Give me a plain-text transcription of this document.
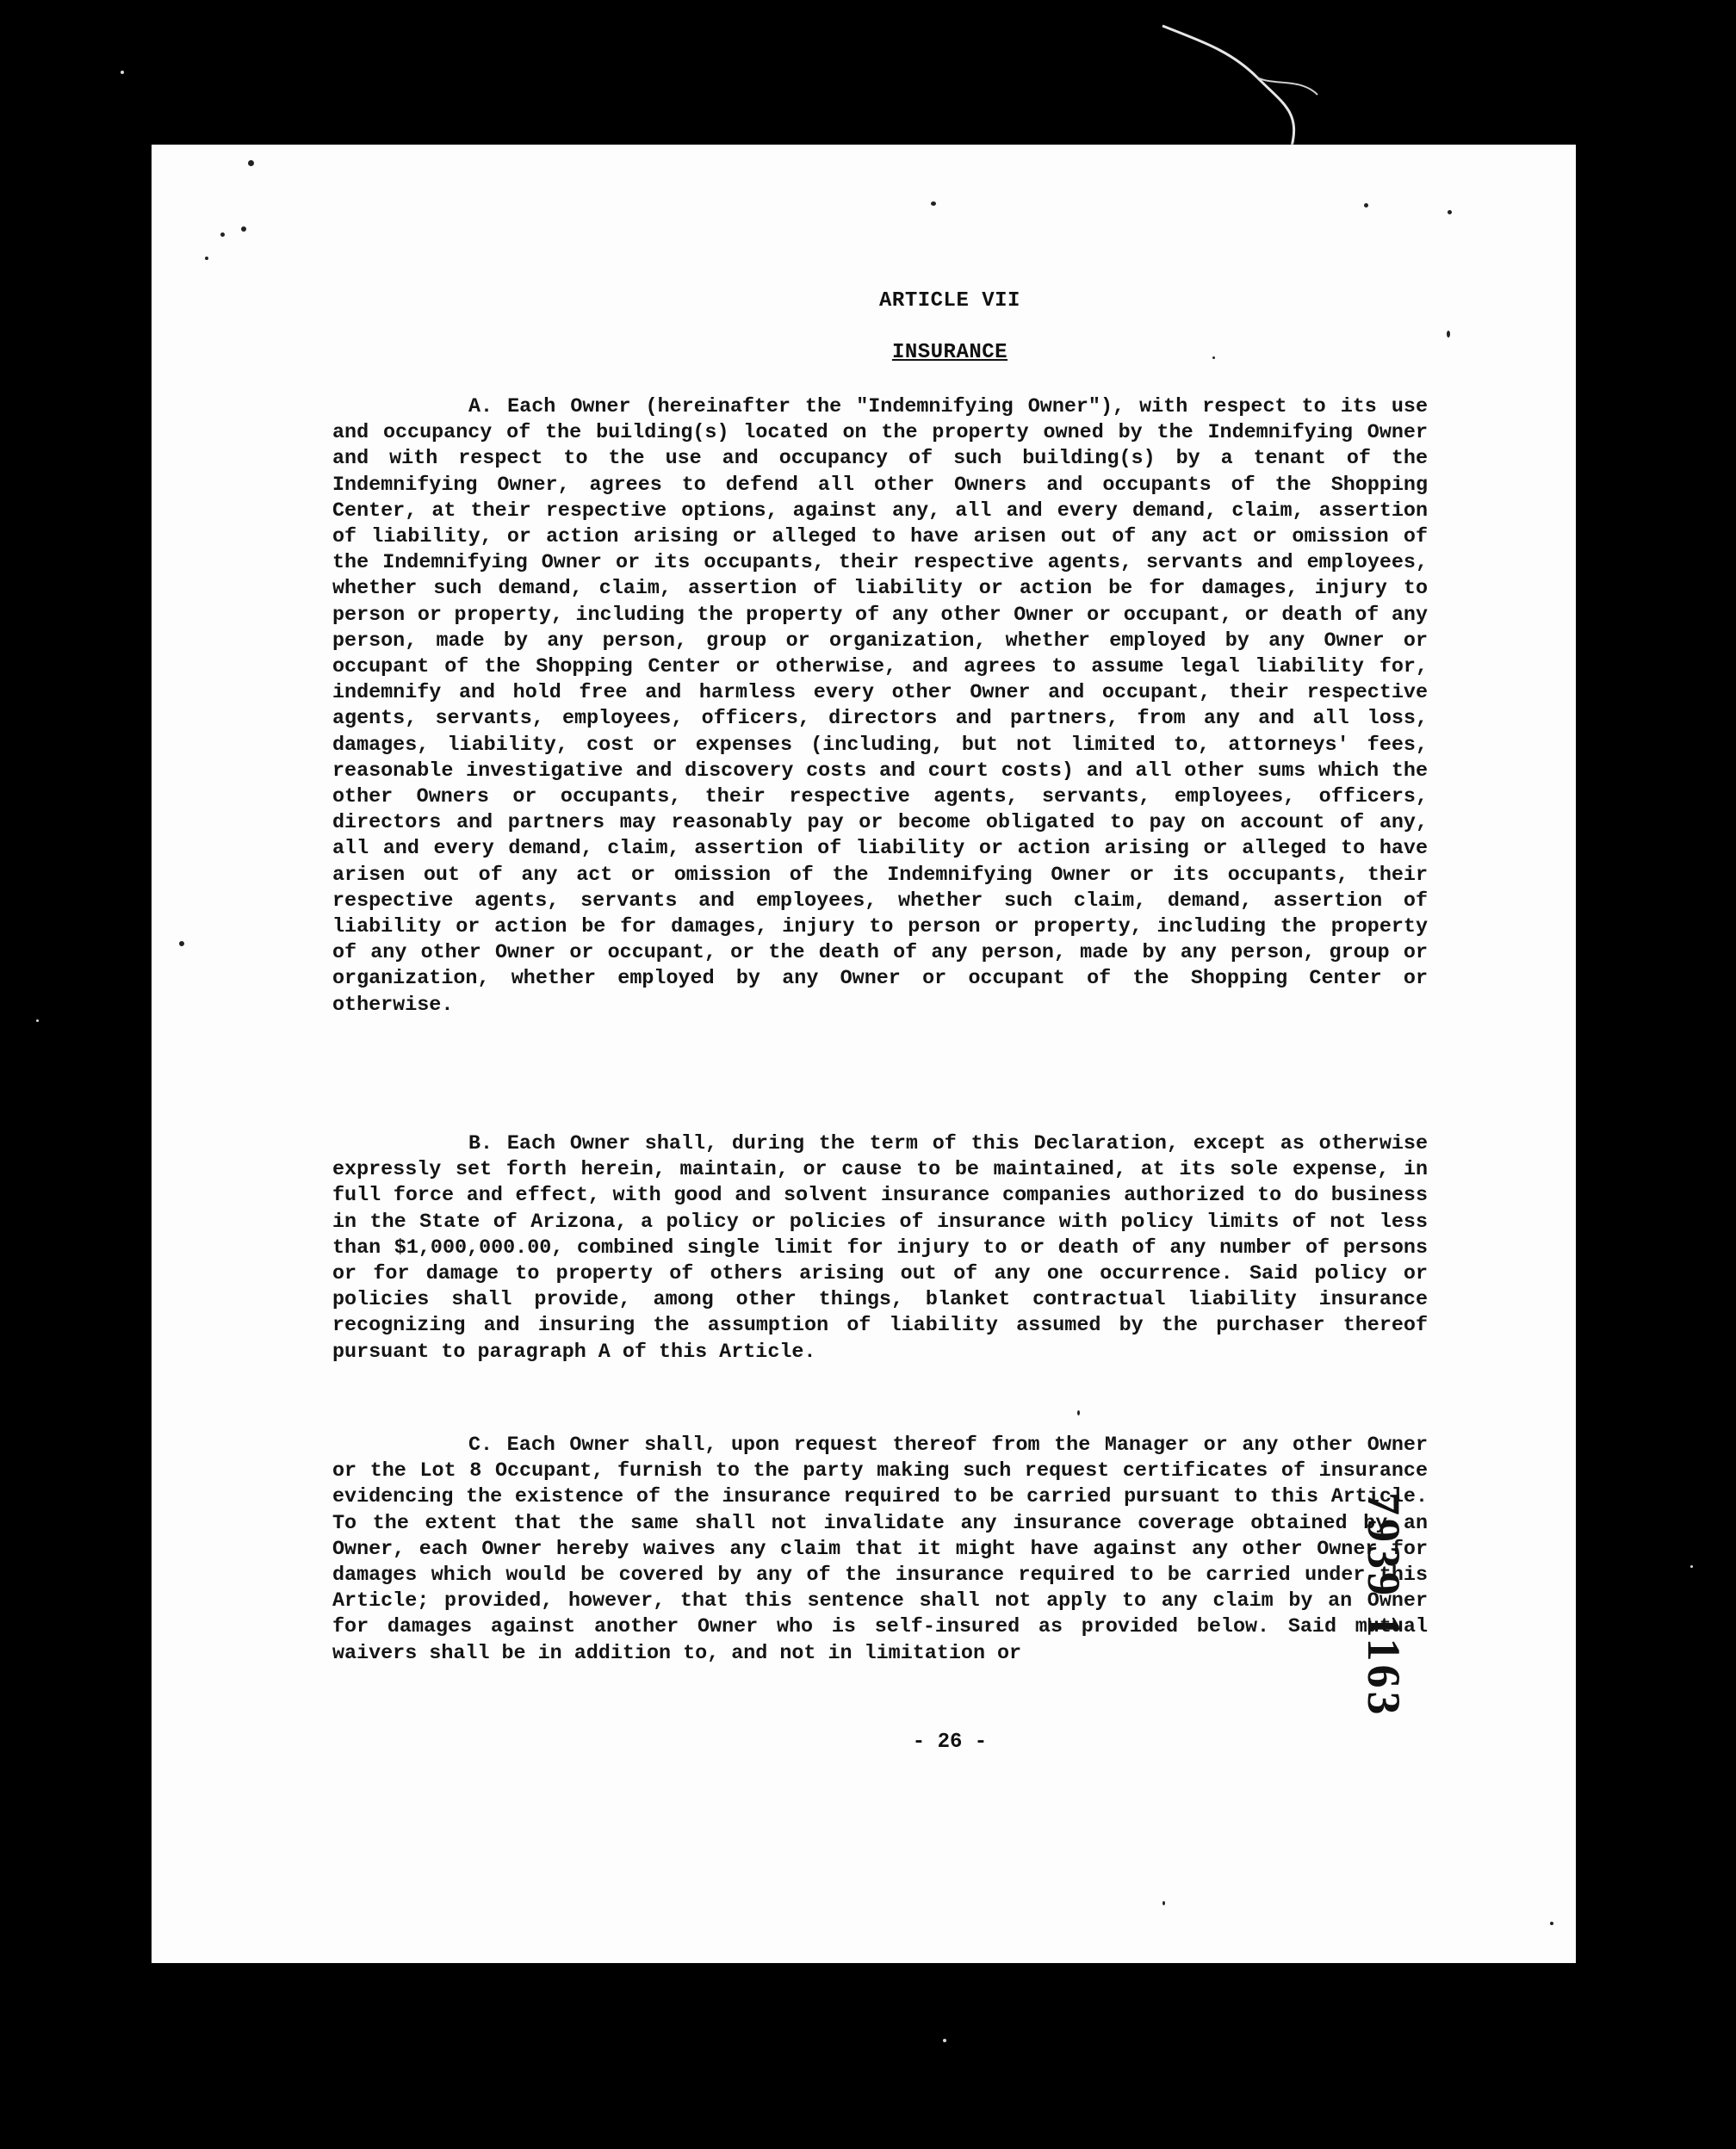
ARTICLE VII
INSURANCE

A. Each Owner (hereinafter the "Indemnifying Owner"), with respect to its use and occupancy of the building(s) located on the property owned by the Indemnifying Owner and with respect to the use and occupancy of such building(s) by a tenant of the Indemnifying Owner, agrees to defend all other Owners and occupants of the Shopping Center, at their respective options, against any, all and every demand, claim, assertion of liability, or action arising or alleged to have arisen out of any act or omission of the Indemnifying Owner or its occupants, their respective agents, servants and employees, whether such demand, claim, assertion of liability or action be for damages, injury to person or property, including the property of any other Owner or occupant, or death of any person, made by any person, group or organization, whether employed by any Owner or occupant of the Shopping Center or otherwise, and agrees to assume legal liability for, indemnify and hold free and harmless every other Owner and occupant, their respective agents, servants, employees, officers, directors and partners, from any and all loss, damages, liability, cost or expenses (including, but not limited to, attorneys' fees, reasonable investigative and discovery costs and court costs) and all other sums which the other Owners or occupants, their respective agents, servants, employees, officers, directors and partners may reasonably pay or become obligated to pay on account of any, all and every demand, claim, assertion of liability or action arising or alleged to have arisen out of any act or omission of the Indemnifying Owner or its occupants, their respective agents, servants and employees, whether such claim, demand, assertion of liability or action be for damages, injury to person or property, including the property of any other Owner or occupant, or the death of any person, made by any person, group or organization, whether employed by any Owner or occupant of the Shopping Center or otherwise.

B. Each Owner shall, during the term of this Declaration, except as otherwise expressly set forth herein, maintain, or cause to be maintained, at its sole expense, in full force and effect, with good and solvent insurance companies authorized to do business in the State of Arizona, a policy or policies of insurance with policy limits of not less than $1,000,000.00, combined single limit for injury to or death of any number of persons or for damage to property of others arising out of any one occurrence. Said policy or policies shall provide, among other things, blanket contractual liability insurance recognizing and insuring the assumption of liability assumed by the purchaser thereof pursuant to paragraph A of this Article.

C. Each Owner shall, upon request thereof from the Manager or any other Owner or the Lot 8 Occupant, furnish to the party making such request certificates of insurance evidencing the existence of the insurance required to be carried pursuant to this Article. To the extent that the same shall not invalidate any insurance coverage obtained by an Owner, each Owner hereby waives any claim that it might have against any other Owner for damages which would be covered by any of the insurance required to be carried under this Article; provided, however, that this sentence shall not apply to any claim by an Owner for damages against another Owner who is self-insured as provided below. Said mutual waivers shall be in addition to, and not in limitation or

- 26 -
7939 1163
